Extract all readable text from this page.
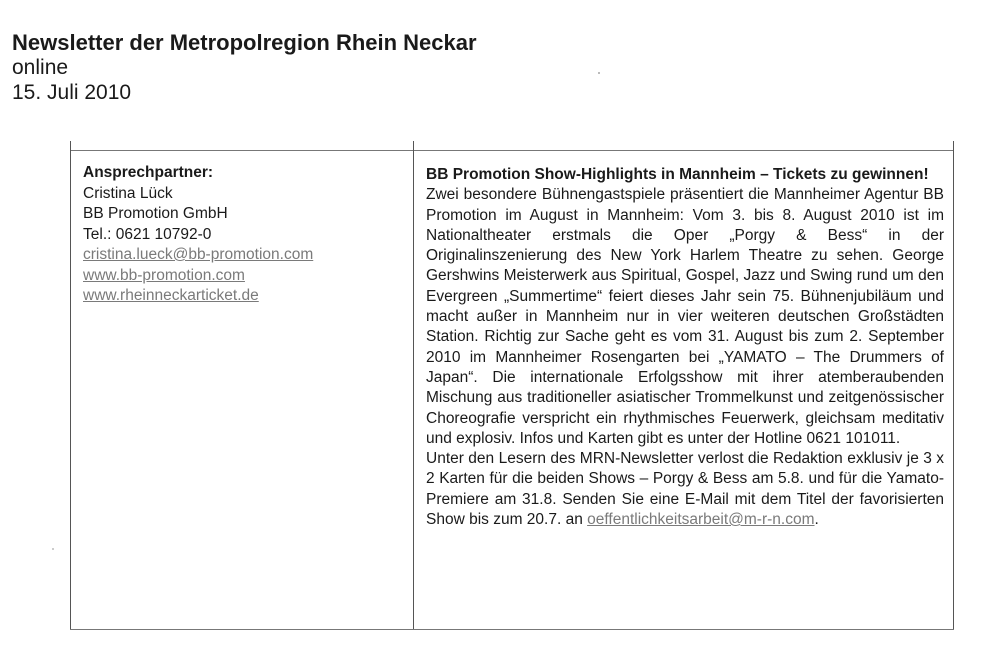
Newsletter der Metropolregion Rhein Neckar
online
15. Juli 2010
Ansprechpartner:
Cristina Lück
BB Promotion GmbH
Tel.: 0621 10792-0
cristina.lueck@bb-promotion.com
www.bb-promotion.com
www.rheinneckarticket.de
BB Promotion Show-Highlights in Mannheim – Tickets zu gewinnen!

Zwei besondere Bühnengastspiele präsentiert die Mannheimer Agentur BB Promotion im August in Mannheim: Vom 3. bis 8. August 2010 ist im Nationaltheater erstmals die Oper „Porgy & Bess“ in der Originalinszenierung des New York Harlem Theatre zu sehen. George Gershwins Meisterwerk aus Spiritual, Gospel, Jazz und Swing rund um den Evergreen „Summertime“ feiert dieses Jahr sein 75. Bühnenjubiläum und macht außer in Mannheim nur in vier weiteren deutschen Großstädten Station. Richtig zur Sache geht es vom 31. August bis zum 2. September 2010 im Mannheimer Rosengarten bei „YAMATO – The Drummers of Japan“. Die internationale Erfolgsshow mit ihrer atemberaubenden Mischung aus traditioneller asiatischer Trommelkunst und zeitgenössischer Choreografie verspricht ein rhythmisches Feuerwerk, gleichsam meditativ und explosiv. Infos und Karten gibt es unter der Hotline 0621 101011.

Unter den Lesern des MRN-Newsletter verlost die Redaktion exklusiv je 3 x 2 Karten für die beiden Shows – Porgy & Bess am 5.8. und für die Yamato-Premiere am 31.8. Senden Sie eine E-Mail mit dem Titel der favorisierten Show bis zum 20.7. an oeffentlichkeitsarbeit@m-r-n.com.
